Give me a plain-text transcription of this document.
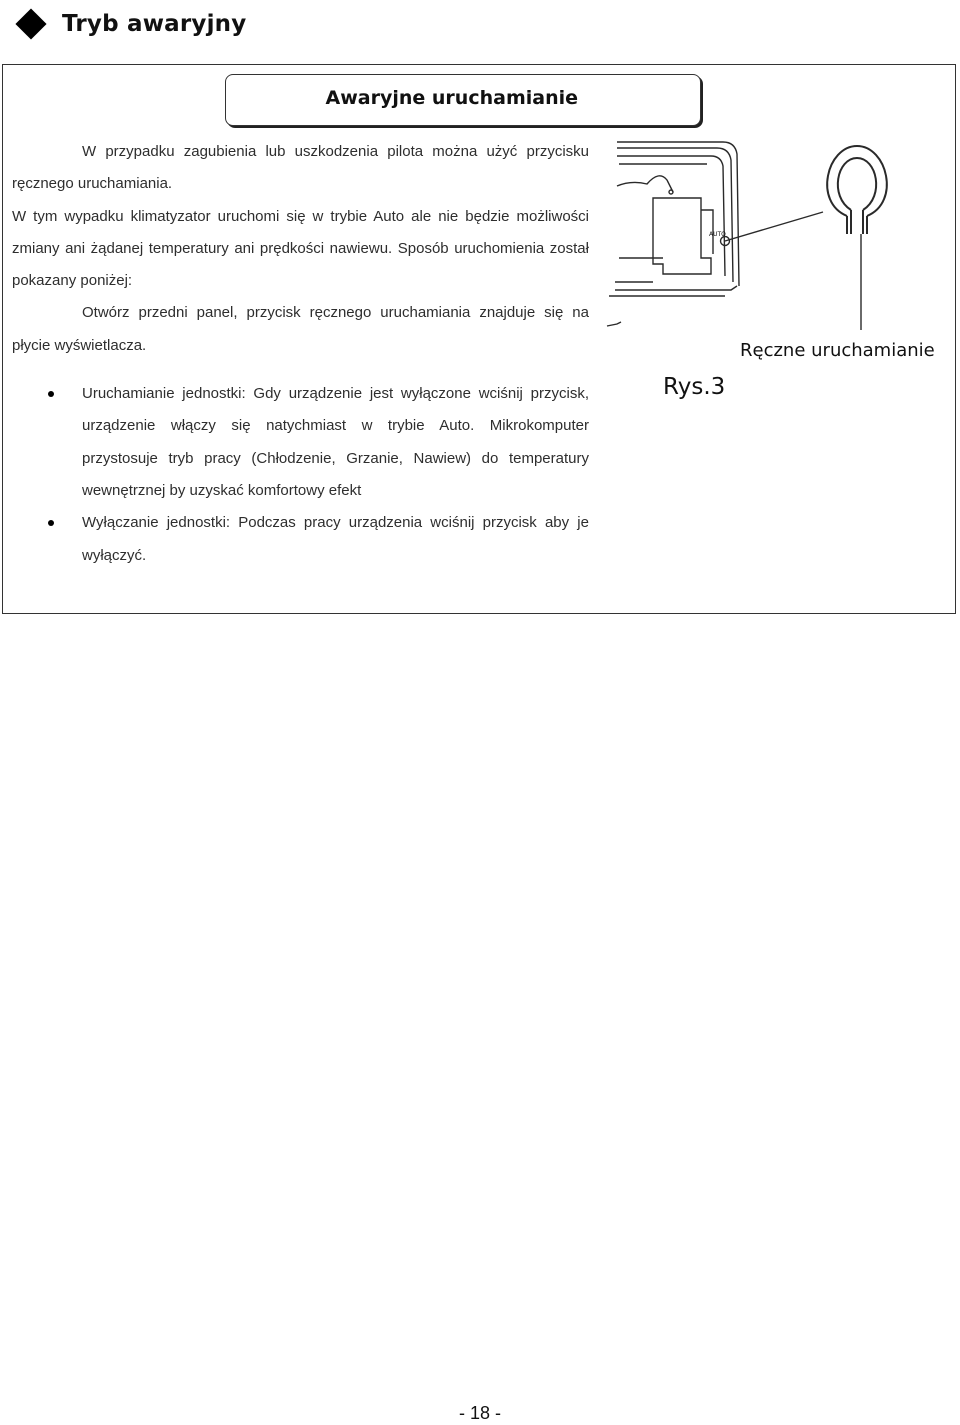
Tryb awaryjny
Awaryjne uruchamianie

W przypadku zagubienia lub uszkodzenia pilota można użyć przycisku ręcznego uruchamiania.

W tym wypadku klimatyzator uruchomi się w trybie Auto ale nie będzie możliwości zmiany ani żądanej temperatury ani prędkości nawiewu. Sposób uruchomienia został pokazany poniżej:

Otwórz przedni panel, przycisk ręcznego uruchamiania znajduje się na płycie wyświetlacza.

Uruchamianie jednostki: Gdy urządzenie jest wyłączone wciśnij przycisk, urządzenie włączy się natychmiast w trybie Auto. Mikrokomputer przystosuje tryb pracy (Chłodzenie, Grzanie, Nawiew) do temperatury wewnętrznej by uzyskać komfortowy efekt
Wyłączanie jednostki: Podczas pracy urządzenia wciśnij przycisk aby je wyłączyć.
AUTO
Ręczne uruchamianie
Rys.3
- 18 -
